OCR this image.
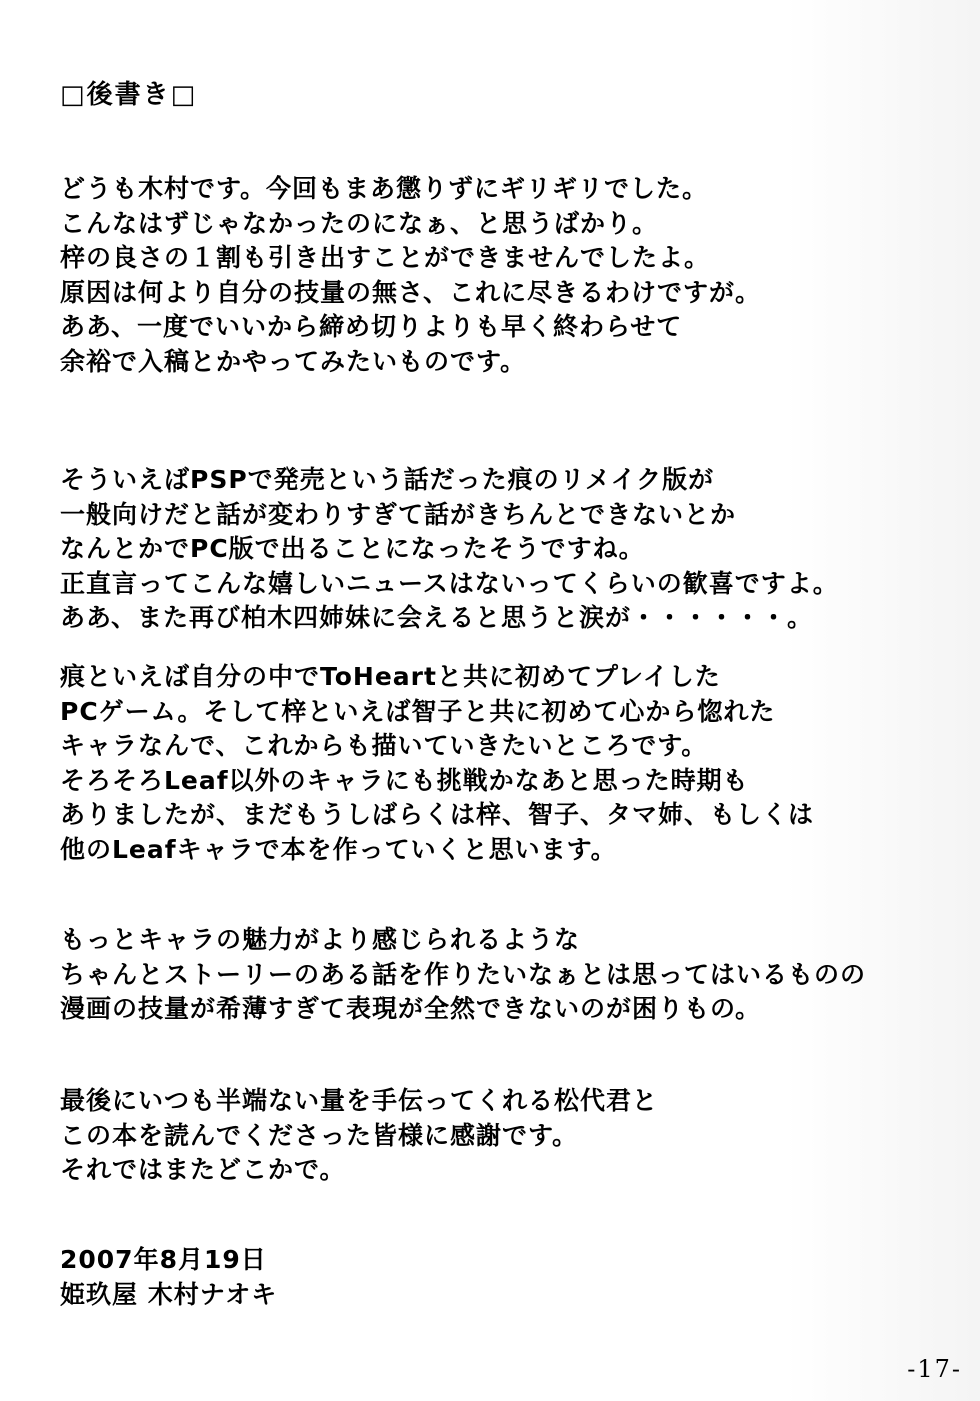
□後書き□
どうも木村です。今回もまあ懲りずにギリギリでした。
こんなはずじゃなかったのになぁ、と思うばかり。
梓の良さの１割も引き出すことができませんでしたよ。
原因は何より自分の技量の無さ、これに尽きるわけですが。
ああ、一度でいいから締め切りよりも早く終わらせて
余裕で入稿とかやってみたいものです。
そういえばPSPで発売という話だった痕のリメイク版が
一般向けだと話が変わりすぎて話がきちんとできないとか
なんとかでPC版で出ることになったそうですね。
正直言ってこんな嬉しいニュースはないってくらいの歓喜ですよ。
ああ、また再び柏木四姉妹に会えると思うと涙が・・・・・・。
痕といえば自分の中でToHeartと共に初めてプレイした
PCゲーム。そして梓といえば智子と共に初めて心から惚れた
キャラなんで、これからも描いていきたいところです。
そろそろLeaf以外のキャラにも挑戦かなあと思った時期も
ありましたが、まだもうしばらくは梓、智子、タマ姉、もしくは
他のLeafキャラで本を作っていくと思います。
もっとキャラの魅力がより感じられるような
ちゃんとストーリーのある話を作りたいなぁとは思ってはいるものの
漫画の技量が希薄すぎて表現が全然できないのが困りもの。
最後にいつも半端ない量を手伝ってくれる松代君と
この本を読んでくださった皆様に感謝です。
それではまたどこかで。
2007年8月19日
姫玖屋 木村ナオキ
-17-
